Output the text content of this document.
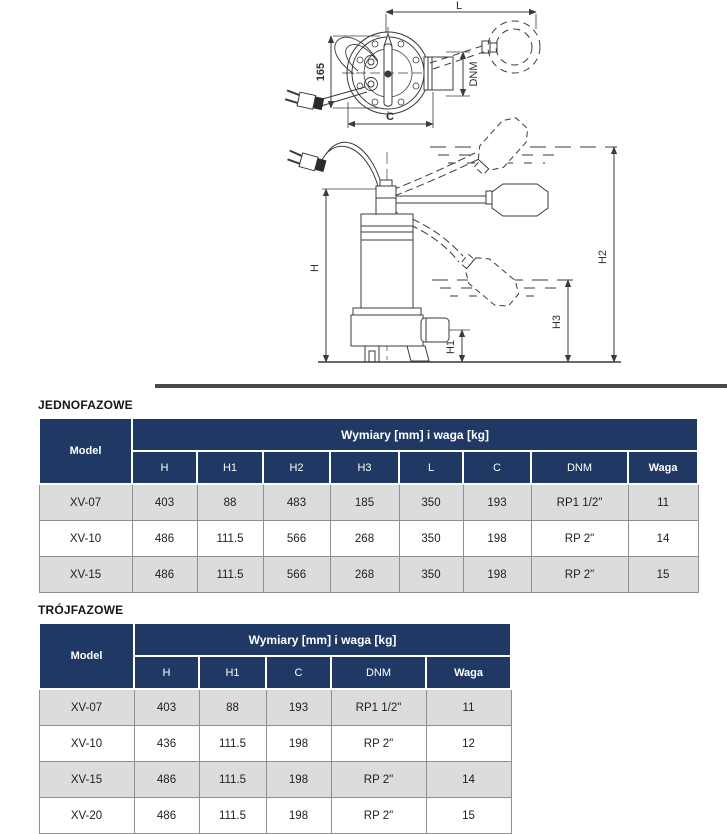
L
165	DNM
C
H
H1
H2
H3
JEDNOFAZOWE
Model	Wymiary [mm] i waga [kg]							
	H	H1	H2	H3	L	C	DNM	Waga
XV-07	403	88	483	185	350	193	RP1 1/2"	11
XV-10	486	111.5	566	268	350	198	RP 2"	14
XV-15	486	111.5	566	268	350	198	RP 2"	15
TRÓJFAZOWE
Model	Wymiary [mm] i waga [kg]				
	H	H1	C	DNM	Waga
XV-07	403	88	193	RP1 1/2"	11
XV-10	436	111.5	198	RP 2"	12
XV-15	486	111.5	198	RP 2"	14
XV-20	486	111.5	198	RP 2"	15
